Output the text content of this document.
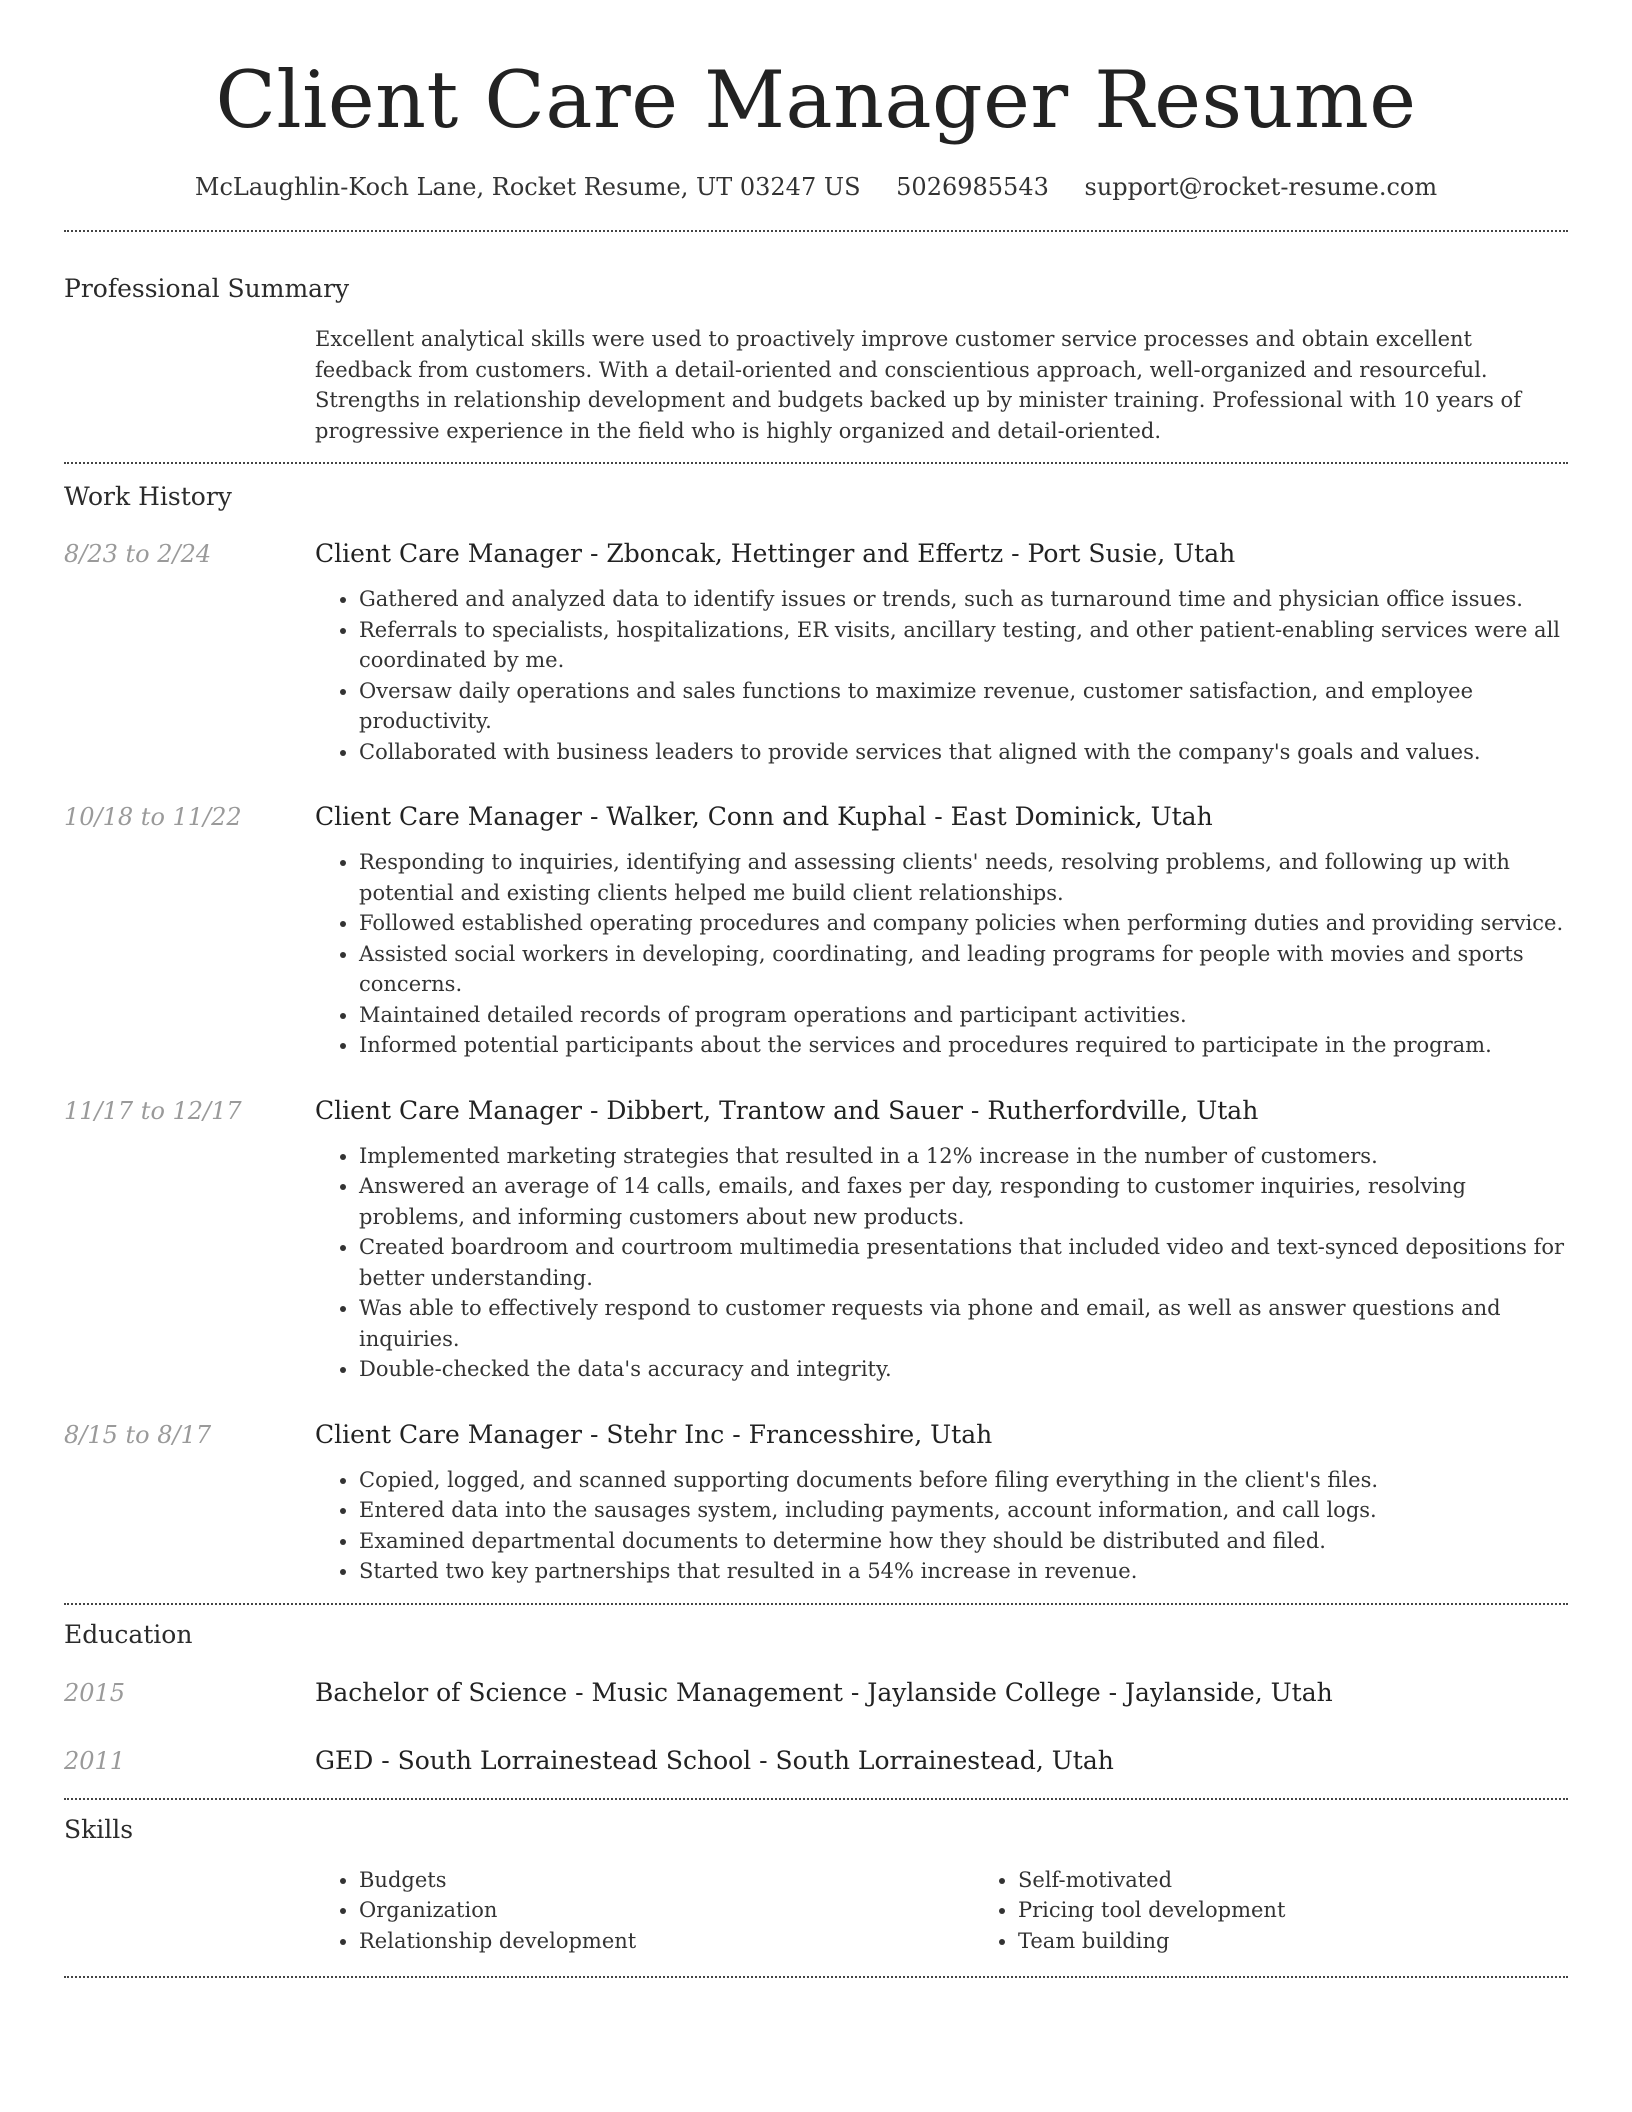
Client Care Manager Resume
McLaughlin-Koch Lane, Rocket Resume, UT 03247 US 5026985543 support@rocket-resume.com
Professional Summary

Excellent analytical skills were used to proactively improve customer service processes and obtain excellent feedback from customers. With a detail-oriented and conscientious approach, well-organized and resourceful. Strengths in relationship development and budgets backed up by minister training. Professional with 10 years of progressive experience in the field who is highly organized and detail-oriented.

Work History
8/23 to 2/24	Client Care Manager - Zboncak, Hettinger and Effertz - Port Susie, Utah
• Gathered and analyzed data to identify issues or trends, such as turnaround time and physician office issues.
• Referrals to specialists, hospitalizations, ER visits, ancillary testing, and other patient-enabling services were all coordinated by me.
• Oversaw daily operations and sales functions to maximize revenue, customer satisfaction, and employee productivity.
• Collaborated with business leaders to provide services that aligned with the company's goals and values.
10/18 to 11/22	Client Care Manager - Walker, Conn and Kuphal - East Dominick, Utah
• Responding to inquiries, identifying and assessing clients' needs, resolving problems, and following up with potential and existing clients helped me build client relationships.
• Followed established operating procedures and company policies when performing duties and providing service.
• Assisted social workers in developing, coordinating, and leading programs for people with movies and sports concerns.
• Maintained detailed records of program operations and participant activities.
• Informed potential participants about the services and procedures required to participate in the program.
11/17 to 12/17	Client Care Manager - Dibbert, Trantow and Sauer - Rutherfordville, Utah
• Implemented marketing strategies that resulted in a 12% increase in the number of customers.
• Answered an average of 14 calls, emails, and faxes per day, responding to customer inquiries, resolving problems, and informing customers about new products.
• Created boardroom and courtroom multimedia presentations that included video and text-synced depositions for better understanding.
• Was able to effectively respond to customer requests via phone and email, as well as answer questions and inquiries.
• Double-checked the data's accuracy and integrity.
8/15 to 8/17	Client Care Manager - Stehr Inc - Francesshire, Utah
• Copied, logged, and scanned supporting documents before filing everything in the client's files.
• Entered data into the sausages system, including payments, account information, and call logs.
• Examined departmental documents to determine how they should be distributed and filed.
• Started two key partnerships that resulted in a 54% increase in revenue.
Education
2015	Bachelor of Science - Music Management - Jaylanside College - Jaylanside, Utah
2011	GED - South Lorrainestead School - South Lorrainestead, Utah
Skills
• Budgets
• Organization
• Relationship development
• Self-motivated
• Pricing tool development
• Team building
